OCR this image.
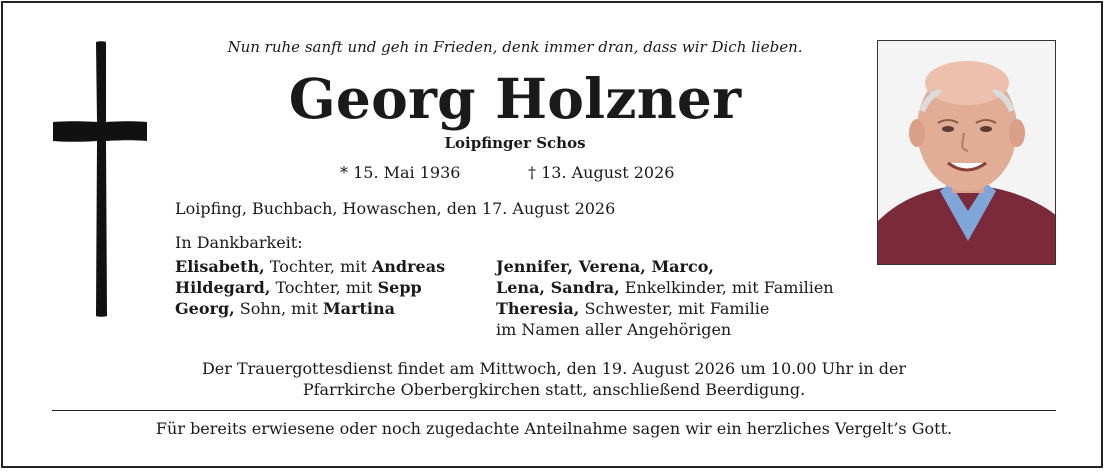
Nun ruhe sanft und geh in Frieden, denk immer dran, dass wir Dich lieben.
Georg Holzner
Loipfinger Schos
* 15. Mai 1936	† 13. August 2026
Loipfing, Buchbach, Howaschen, den 17. August 2026
In Dankbarkeit:
Elisabeth, Tochter, mit Andreas
Hildegard, Tochter, mit Sepp
Georg, Sohn, mit Martina
Jennifer, Verena, Marco,
Lena, Sandra, Enkelkinder, mit Familien
Theresia, Schwester, mit Familie
im Namen aller Angehörigen
Der Trauergottesdienst findet am Mittwoch, den 19. August 2026 um 10.00 Uhr in der
Pfarrkirche Oberbergkirchen statt, anschließend Beerdigung.
Für bereits erwiesene oder noch zugedachte Anteilnahme sagen wir ein herzliches Vergelt’s Gott.
